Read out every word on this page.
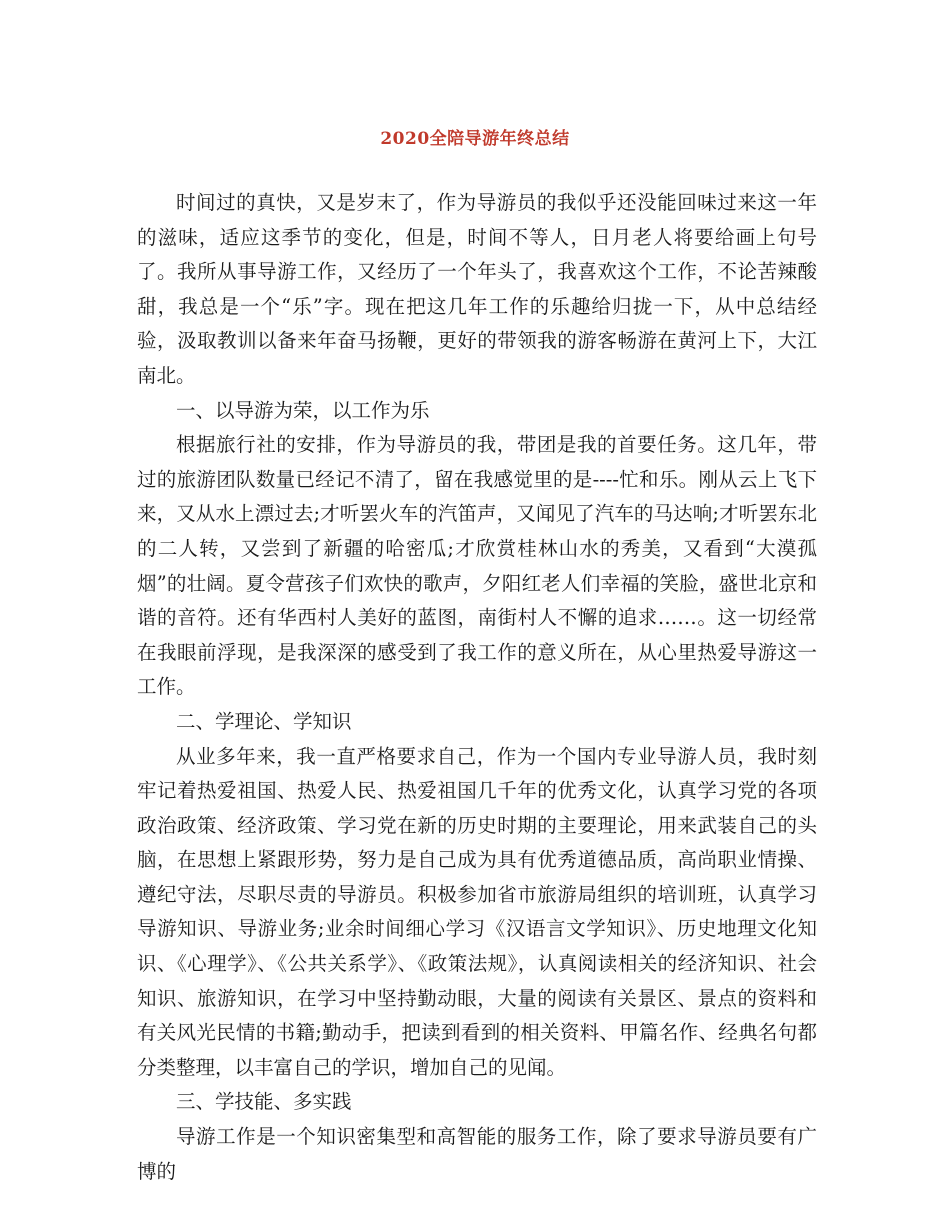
2020全陪导游年终总结

时间过的真快，又是岁末了，作为导游员的我似乎还没能回味过来这一年的滋味，适应这季节的变化，但是，时间不等人，日月老人将要给画上句号了。我所从事导游工作，又经历了一个年头了，我喜欢这个工作，不论苦辣酸甜，我总是一个“乐”字。现在把这几年工作的乐趣给归拢一下，从中总结经验，汲取教训以备来年奋马扬鞭，更好的带领我的游客畅游在黄河上下，大江南北。

一、以导游为荣，以工作为乐

根据旅行社的安排，作为导游员的我，带团是我的首要任务。这几年，带过的旅游团队数量已经记不清了，留在我感觉里的是----忙和乐。刚从云上飞下来，又从水上漂过去;才听罢火车的汽笛声，又闻见了汽车的马达响;才听罢东北的二人转，又尝到了新疆的哈密瓜;才欣赏桂林山水的秀美，又看到“大漠孤烟”的壮阔。夏令营孩子们欢快的歌声，夕阳红老人们幸福的笑脸，盛世北京和谐的音符。还有华西村人美好的蓝图，南街村人不懈的追求……。这一切经常在我眼前浮现，是我深深的感受到了我工作的意义所在，从心里热爱导游这一工作。

二、学理论、学知识

从业多年来，我一直严格要求自己，作为一个国内专业导游人员，我时刻牢记着热爱祖国、热爱人民、热爱祖国几千年的优秀文化，认真学习党的各项政治政策、经济政策、学习党在新的历史时期的主要理论，用来武装自己的头脑，在思想上紧跟形势，努力是自己成为具有优秀道德品质，高尚职业情操、遵纪守法，尽职尽责的导游员。积极参加省市旅游局组织的培训班，认真学习导游知识、导游业务;业余时间细心学习《汉语言文学知识》、历史地理文化知识、《心理学》、《公共关系学》、《政策法规》，认真阅读相关的经济知识、社会知识、旅游知识，在学习中坚持勤动眼，大量的阅读有关景区、景点的资料和有关风光民情的书籍;勤动手，把读到看到的相关资料、甲篇名作、经典名句都分类整理，以丰富自己的学识，增加自己的见闻。

三、学技能、多实践

导游工作是一个知识密集型和高智能的服务工作，除了要求导游员要有广博的
